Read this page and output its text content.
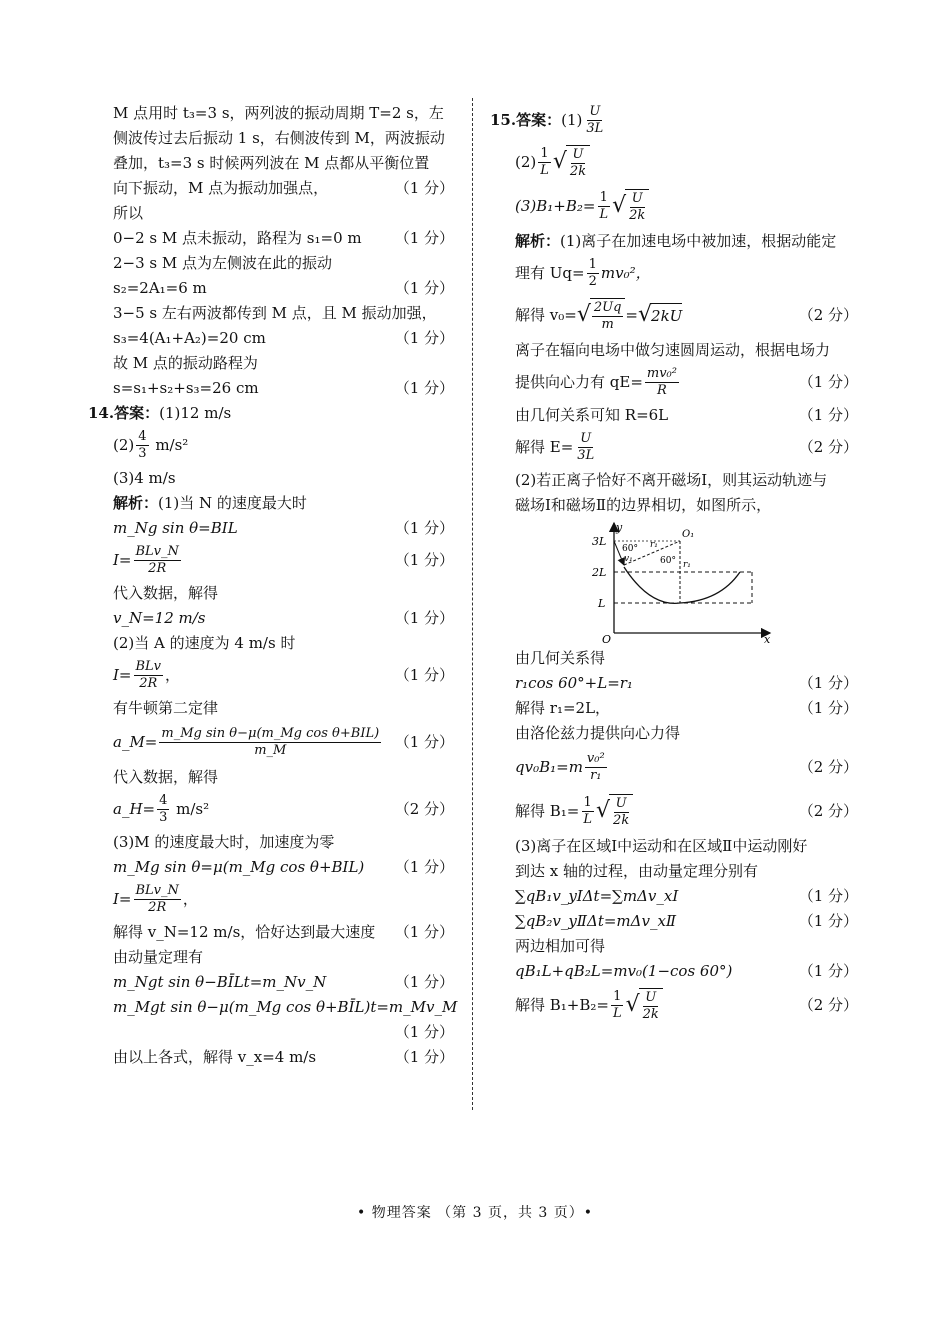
M 点用时 t₃=3 s，两列波的振动周期 T=2 s，左
侧波传过去后振动 1 s，右侧波传到 M，两波振动
叠加，t₃=3 s 时候两列波在 M 点都从平衡位置
向下振动，M 点为振动加强点，	（1 分）
所以
0−2 s M 点未振动，路程为 s₁=0 m （1 分）
2−3 s M 点为左侧波在此的振动
s₂=2A₁=6 m	（1 分）
3−5 s 左右两波都传到 M 点，且 M 振动加强，
s₃=4(A₁+A₂)=20 cm	（1 分）
故 M 点的振动路程为
s=s₁+s₂+s₃=26 cm	（1 分）
14. 答案： (1)12 m/s
$(2) \frac{4}{3}$
m/s²
(3)4 m/s
解析： (1)当 N 的速度最大时
m_Ng sin θ=BIL	（1 分）
$I= \frac{\text{BLv\_N}}{2R}$	（1 分）
代入数据，解得
v_N=12 m/s	（1 分）
(2)当 A 的速度为 4 m/s 时
$I= \frac{\text{BLv}}{2R}$ ，	（1 分）
有牛顿第二定律
a_M= $\frac{\text{m\_Mg sin θ−μ(m\_Mg cos θ+BIL)}}{m\_M} (1$ 分）
代入数据，解得
a_H= $\frac{4}{3}$
m/s²	（2 分）
(3)M 的速度最大时，加速度为零
m_Mg sin θ=μ(m_Mg cos θ+BIL) （1 分）
$I= \frac{\text{BLv\_N}}{2R}$ ，
解得 v_N=12 m/s，恰好达到最大速度 （1 分）
由动量定理有
m_Ngt sin θ−BĪLt=m_Nv_N	（1 分）
m_Mgt sin θ−μ(m_Mg cos θ+BĪL)t=m_Mv_M
（1 分）
由以上各式，解得 v_x=4 m/s	（1 分）
15. 答案： $(1) \frac{U}{3L}$
$(2) \frac{1}{L}$ √ $\frac{U}{2k}$
$(3)B_1+B_2= \frac{1}{L}$ √ $\frac{U}{2k}$
解析： (1)离子在加速电场中被加速，根据动能定
理有 $Uq= \frac{1}{2} mv_0^2$，
解得 v₀= √ $\frac{2Uq}{m}$ = √ 2kU	（2 分）
离子在辐向电场中做匀速圆周运动，根据电场力
提供向心力有 $qE= \frac{\text{mv₀²}}{R}$	（1 分）
由几何关系可知 R=6L	（1 分）
解得 $E= \frac{U}{3L}$	（2 分）
(2)若正离子恰好不离开磁场Ⅰ，则其运动轨迹与
磁场Ⅰ和磁场Ⅱ的边界相切，如图所示，
y
x
O
3L
2L
L
60°
60°
O₁
r₁
r₁
v₁
由几何关系得
r₁cos 60°+L=r₁	（1 分）
解得 r₁=2L，	（1 分）
由洛伦兹力提供向心力得
$qv_0B_1=m \frac{\text{v₀²}}{\text{r₁}}$	（2 分）
解得 $B_1= \frac{1}{L}$ √ $\frac{U}{2k}$	（2 分）
(3)离子在区域Ⅰ中运动和在区域Ⅱ中运动刚好
到达 x 轴的过程，由动量定理分别有
∑qB₁v_yⅠΔt=∑mΔv_xⅠ	（1 分）
∑qB₂v_yⅡΔt=mΔv_xⅡ	（1 分）
两边相加可得
qB₁L+qB₂L=mv₀(1−cos 60°)	（1 分）
解得 $B_1+B_2= \frac{1}{L}$ √ $\frac{U}{2k}$	（2 分）
• 物理答案 （第 3 页，共 3 页）•
